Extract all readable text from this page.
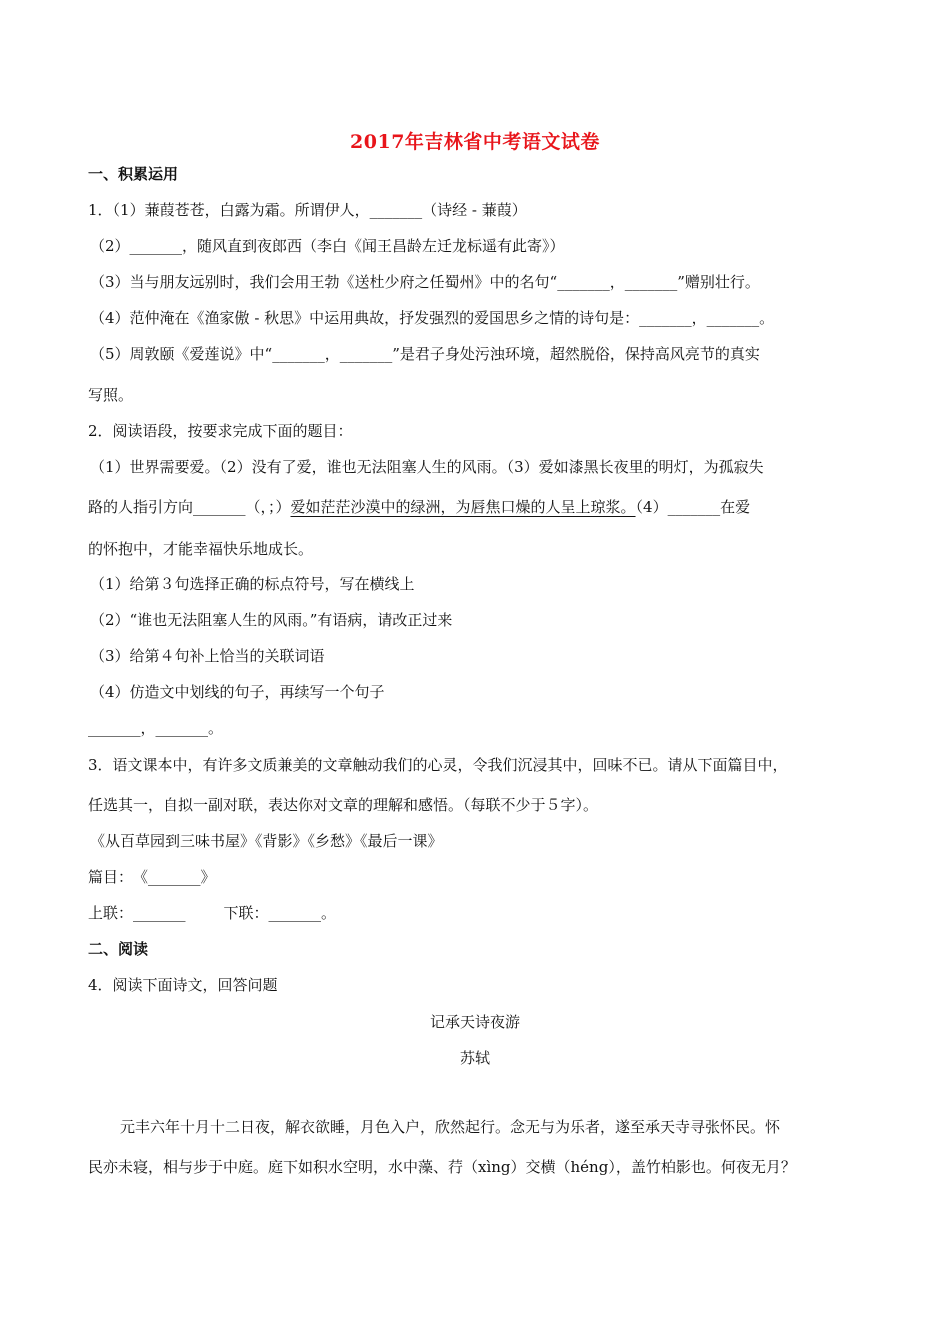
2017年吉林省中考语文试卷
一、积累运用
1．（1）蒹葭苍苍，白露为霜。所谓伊人，_______（诗经 - 蒹葭）
（2）_______，随风直到夜郎西（李白《闻王昌龄左迁龙标遥有此寄》）
（3）当与朋友远别时，我们会用王勃《送杜少府之任蜀州》中的名句“_______，_______”赠别壮行。
（4）范仲淹在《渔家傲 - 秋思》中运用典故，抒发强烈的爱国思乡之情的诗句是：_______，_______。
（5）周敦颐《爱莲说》中“_______，_______”是君子身处污浊环境，超然脱俗，保持高风亮节的真实
写照。
2．阅读语段，按要求完成下面的题目：
（1）世界需要爱。（2）没有了爱，谁也无法阻塞人生的风雨。（3）爱如漆黑长夜里的明灯，为孤寂失
路的人指引方向_______（，；）爱如茫茫沙漠中的绿洲，为唇焦口燥的人呈上琼浆。（4）_______在爱
的怀抱中，才能幸福快乐地成长。
（1）给第３句选择正确的标点符号，写在横线上
（2）“谁也无法阻塞人生的风雨。”有语病，请改正过来
（3）给第４句补上恰当的关联词语
（4）仿造文中划线的句子，再续写一个句子
_______，_______。
3．语文课本中，有许多文质兼美的文章触动我们的心灵，令我们沉浸其中，回味不已。请从下面篇目中，
任选其一，自拟一副对联，表达你对文章的理解和感悟。（每联不少于５字）。
《从百草园到三味书屋》《背影》《乡愁》《最后一课》
篇目：　《_______》
上联：_______	下联：_______。
二、阅读
4．阅读下面诗文，回答问题
记承天诗夜游
苏轼
元丰六年十月十二日夜，解衣欲睡，月色入户，欣然起行。念无与为乐者，遂至承天寺寻张怀民。怀
民亦未寝，相与步于中庭。庭下如积水空明，水中藻、荇（xìng）交横（héng），盖竹柏影也。何夜无月？
